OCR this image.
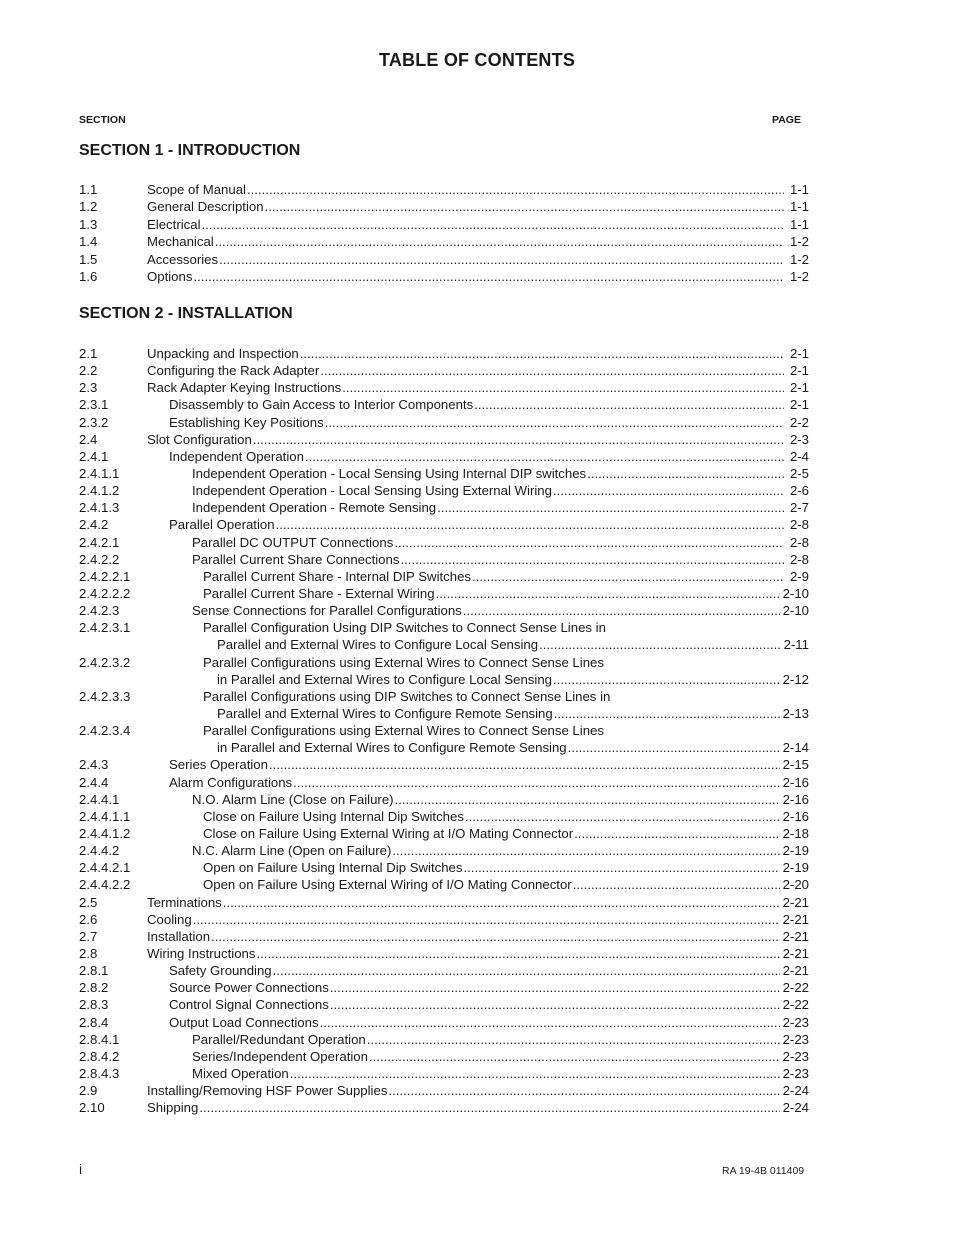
TABLE OF CONTENTS
SECTION	PAGE
SECTION 1 - INTRODUCTION
1.1	Scope of Manual .....	1-1
1.2	General Description .....	1-1
1.3	Electrical .....	1-1
1.4	Mechanical .....	1-2
1.5	Accessories .....	1-2
1.6	Options .....	1-2
SECTION 2 - INSTALLATION
2.1	Unpacking and Inspection .....	2-1
2.2	Configuring the Rack Adapter .....	2-1
2.3	Rack Adapter Keying Instructions .....	2-1
2.3.1	Disassembly to Gain Access to Interior Components .....	2-1
2.3.2	Establishing Key Positions .....	2-2
2.4	Slot Configuration .....	2-3
2.4.1	Independent Operation .....	2-4
2.4.1.1	Independent Operation - Local Sensing Using Internal DIP switches .....	2-5
2.4.1.2	Independent Operation - Local Sensing Using External Wiring .....	2-6
2.4.1.3	Independent Operation - Remote Sensing .....	2-7
2.4.2	Parallel Operation .....	2-8
2.4.2.1	Parallel DC OUTPUT Connections .....	2-8
2.4.2.2	Parallel Current Share Connections .....	2-8
2.4.2.2.1	Parallel Current Share - Internal DIP Switches .....	2-9
2.4.2.2.2	Parallel Current Share - External Wiring .....	2-10
2.4.2.3	Sense Connections for Parallel Configurations .....	2-10
2.4.2.3.1	Parallel Configuration Using DIP Switches to Connect Sense Lines in
Parallel and External Wires to Configure Local Sensing .....	2-11
2.4.2.3.2	Parallel Configurations using External Wires to Connect Sense Lines
in Parallel and External Wires to Configure Local Sensing .....	2-12
2.4.2.3.3	Parallel Configurations using DIP Switches to Connect Sense Lines in
Parallel and External Wires to Configure Remote Sensing .....	2-13
2.4.2.3.4	Parallel Configurations using External Wires to Connect Sense Lines
in Parallel and External Wires to Configure Remote Sensing .....	2-14
2.4.3	Series Operation .....	2-15
2.4.4	Alarm Configurations .....	2-16
2.4.4.1	N.O. Alarm Line (Close on Failure) .....	2-16
2.4.4.1.1	Close on Failure Using Internal Dip Switches .....	2-16
2.4.4.1.2	Close on Failure Using External Wiring at I/O Mating Connector .....	2-18
2.4.4.2	N.C. Alarm Line (Open on Failure) .....	2-19
2.4.4.2.1	Open on Failure Using Internal Dip Switches .....	2-19
2.4.4.2.2	Open on Failure Using External Wiring of I/O Mating Connector .....	2-20
2.5	Terminations .....	2-21
2.6	Cooling .....	2-21
2.7	Installation .....	2-21
2.8	Wiring Instructions .....	2-21
2.8.1	Safety Grounding .....	2-21
2.8.2	Source Power Connections .....	2-22
2.8.3	Control Signal Connections .....	2-22
2.8.4	Output Load Connections .....	2-23
2.8.4.1	Parallel/Redundant Operation .....	2-23
2.8.4.2	Series/Independent Operation .....	2-23
2.8.4.3	Mixed Operation .....	2-23
2.9	Installing/Removing HSF Power Supplies .....	2-24
2.10	Shipping .....	2-24
i	RA 19-4B 011409
